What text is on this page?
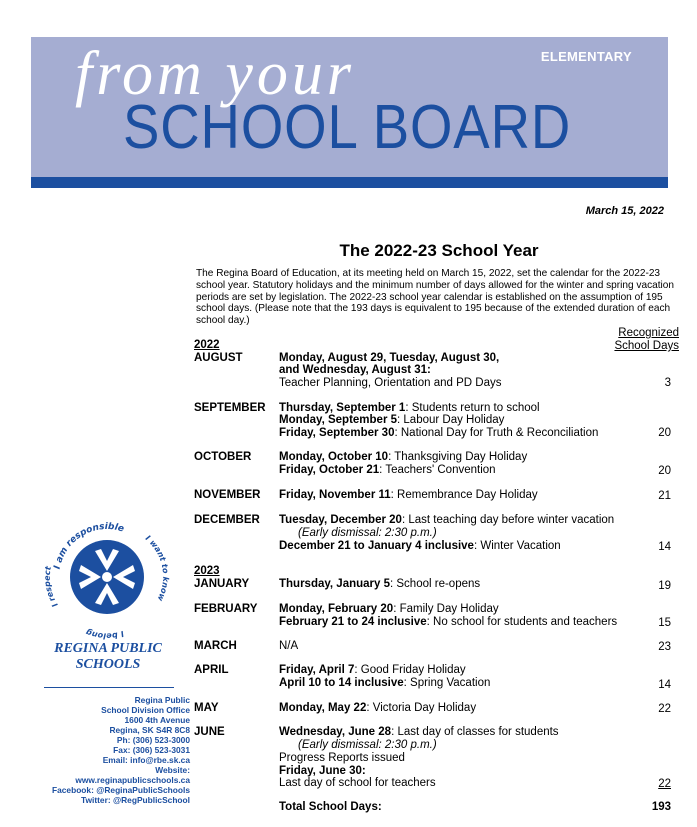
ELEMENTARY
from your
SCHOOL BOARD
March 15, 2022
The 2022-23 School Year
The Regina Board of Education, at its meeting held on March 15, 2022, set the calendar for the 2022-23 school year. Statutory holidays and the minimum number of days allowed for the winter and spring vacation periods are set by legislation. The 2022-23 school year calendar is established on the assumption of 195 school days. (Please note that the 193 days is equivalent to 195 because of the extended duration of each school day.)
Recognized
School Days
2022
AUGUST	Monday, August 29, Tuesday, August 30,
and Wednesday, August 31:
Teacher Planning, Orientation and PD Days	3
SEPTEMBER Thursday, September 1: Students return to school
Monday, September 5: Labour Day Holiday
Friday, September 30: National Day for Truth & Reconciliation	20
OCTOBER Monday, October 10: Thanksgiving Day Holiday
Friday, October 21: Teachers' Convention	20
NOVEMBER Friday, November 11: Remembrance Day Holiday	21
DECEMBER Tuesday, December 20: Last teaching day before winter vacation
(Early dismissal: 2:30 p.m.)
December 21 to January 4 inclusive: Winter Vacation	14
2023
JANUARY	Thursday, January 5: School re-opens	19
FEBRUARY Monday, February 20: Family Day Holiday
February 21 to 24 inclusive: No school for students and teachers	15
MARCH	N/A	23
APRIL	Friday, April 7: Good Friday Holiday
April 10 to 14 inclusive: Spring Vacation	14
MAY	Monday, May 22: Victoria Day Holiday	22
JUNE	Wednesday, June 28: Last day of classes for students
(Early dismissal: 2:30 p.m.)
Progress Reports issued
Friday, June 30:
Last day of school for teachers	22
Total School Days:	193
I am responsible
I want to know
I belong
I respect
REGINA PUBLIC
SCHOOLS
Regina Public
School Division Office
1600 4th Avenue
Regina, SK S4R 8C8
Ph: (306) 523-3000
Fax: (306) 523-3031
Email: info@rbe.sk.ca
Website:
www.reginapublicschools.ca
Facebook: @ReginaPublicSchools
Twitter: @RegPublicSchool
